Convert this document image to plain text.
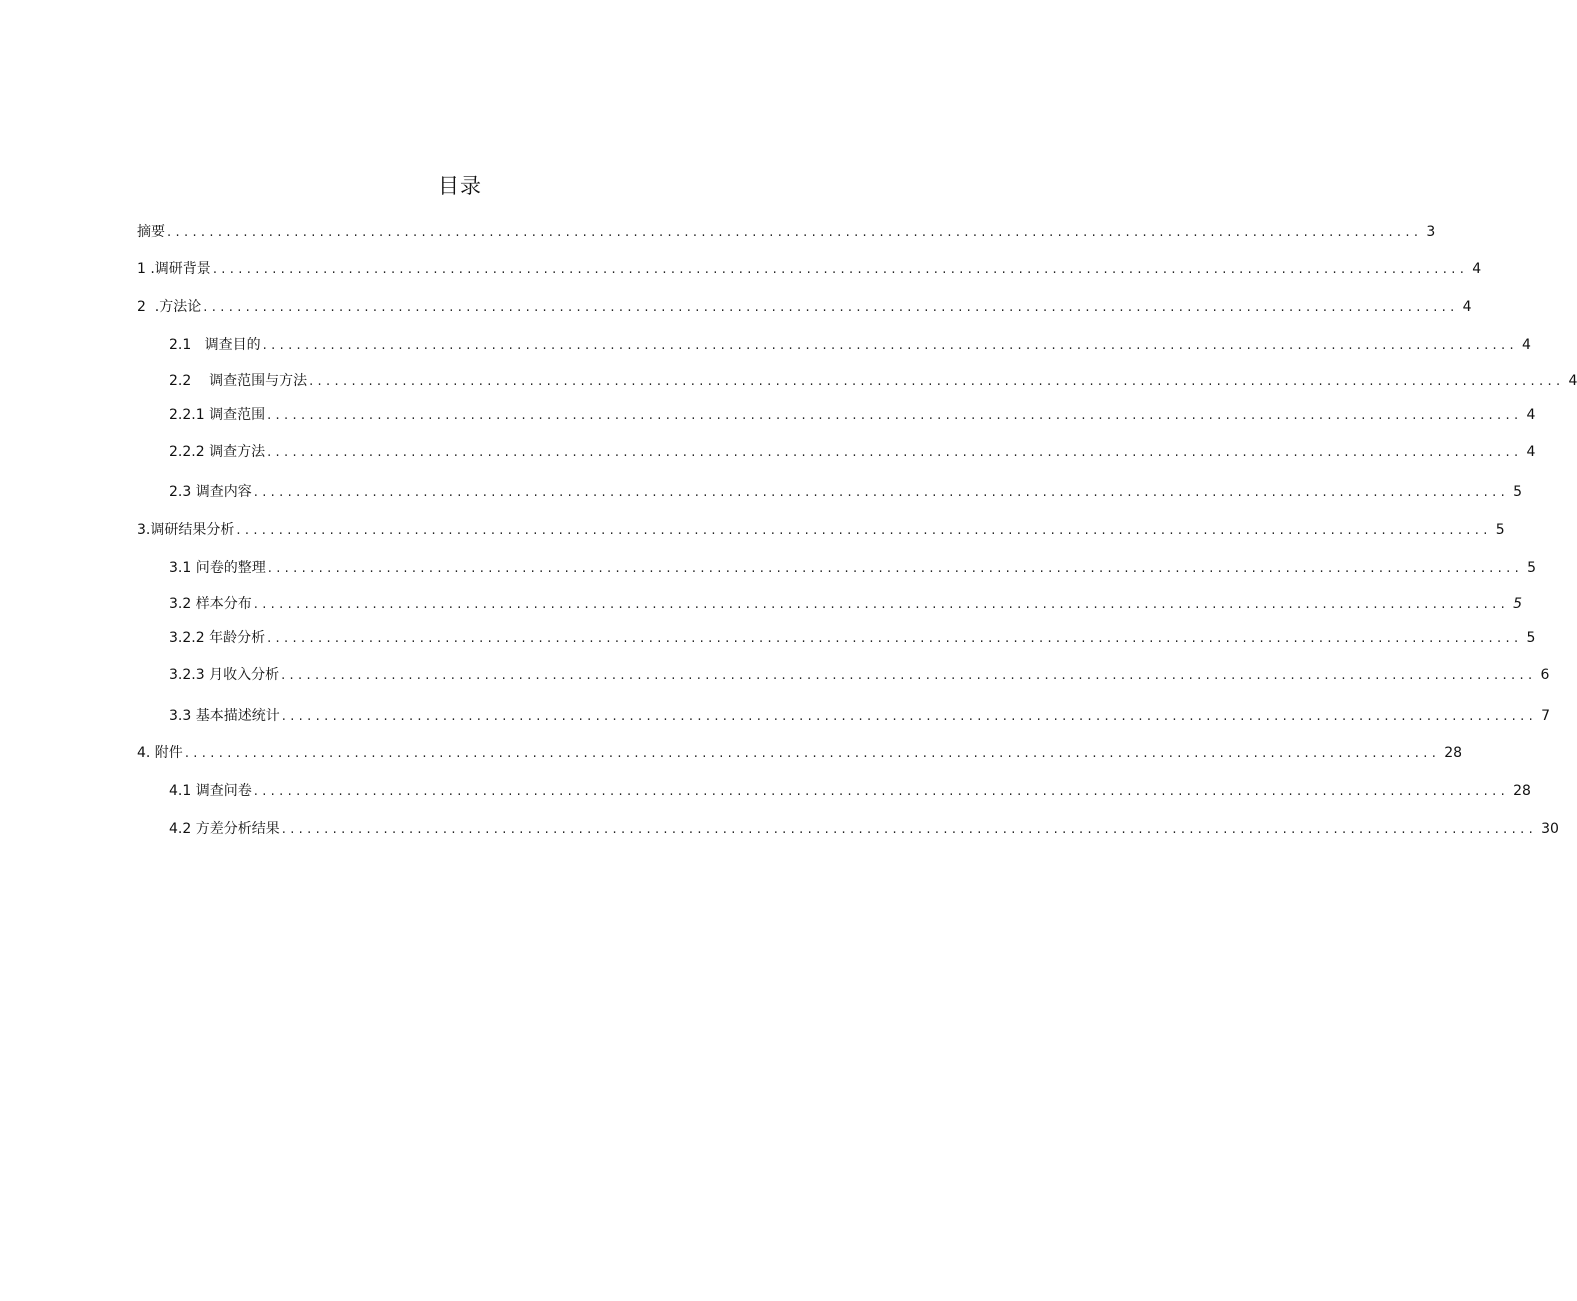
目录
摘要 .................................................................................................................................................... 3
1 .调研背景 .................................................................................................................................................... 4
2  .方法论 .................................................................................................................................................... 4
2.1   调查目的 .................................................................................................................................................... 4
2.2    调查范围与方法 .................................................................................................................................................... 4
2.2.1 调查范围 .................................................................................................................................................... 4
2.2.2 调查方法 .................................................................................................................................................... 4
2.3 调查内容 .................................................................................................................................................... 5
3.调研结果分析 .................................................................................................................................................... 5
3.1 问卷的整理 .................................................................................................................................................... 5
3.2 样本分布 .................................................................................................................................................... 5
3.2.2 年龄分析 .................................................................................................................................................... 5
3.2.3 月收入分析 .................................................................................................................................................... 6
3.3 基本描述统计 .................................................................................................................................................... 7
4. 附件 .................................................................................................................................................... 28
4.1 调查问卷 .................................................................................................................................................... 28
4.2 方差分析结果 .................................................................................................................................................... 30
